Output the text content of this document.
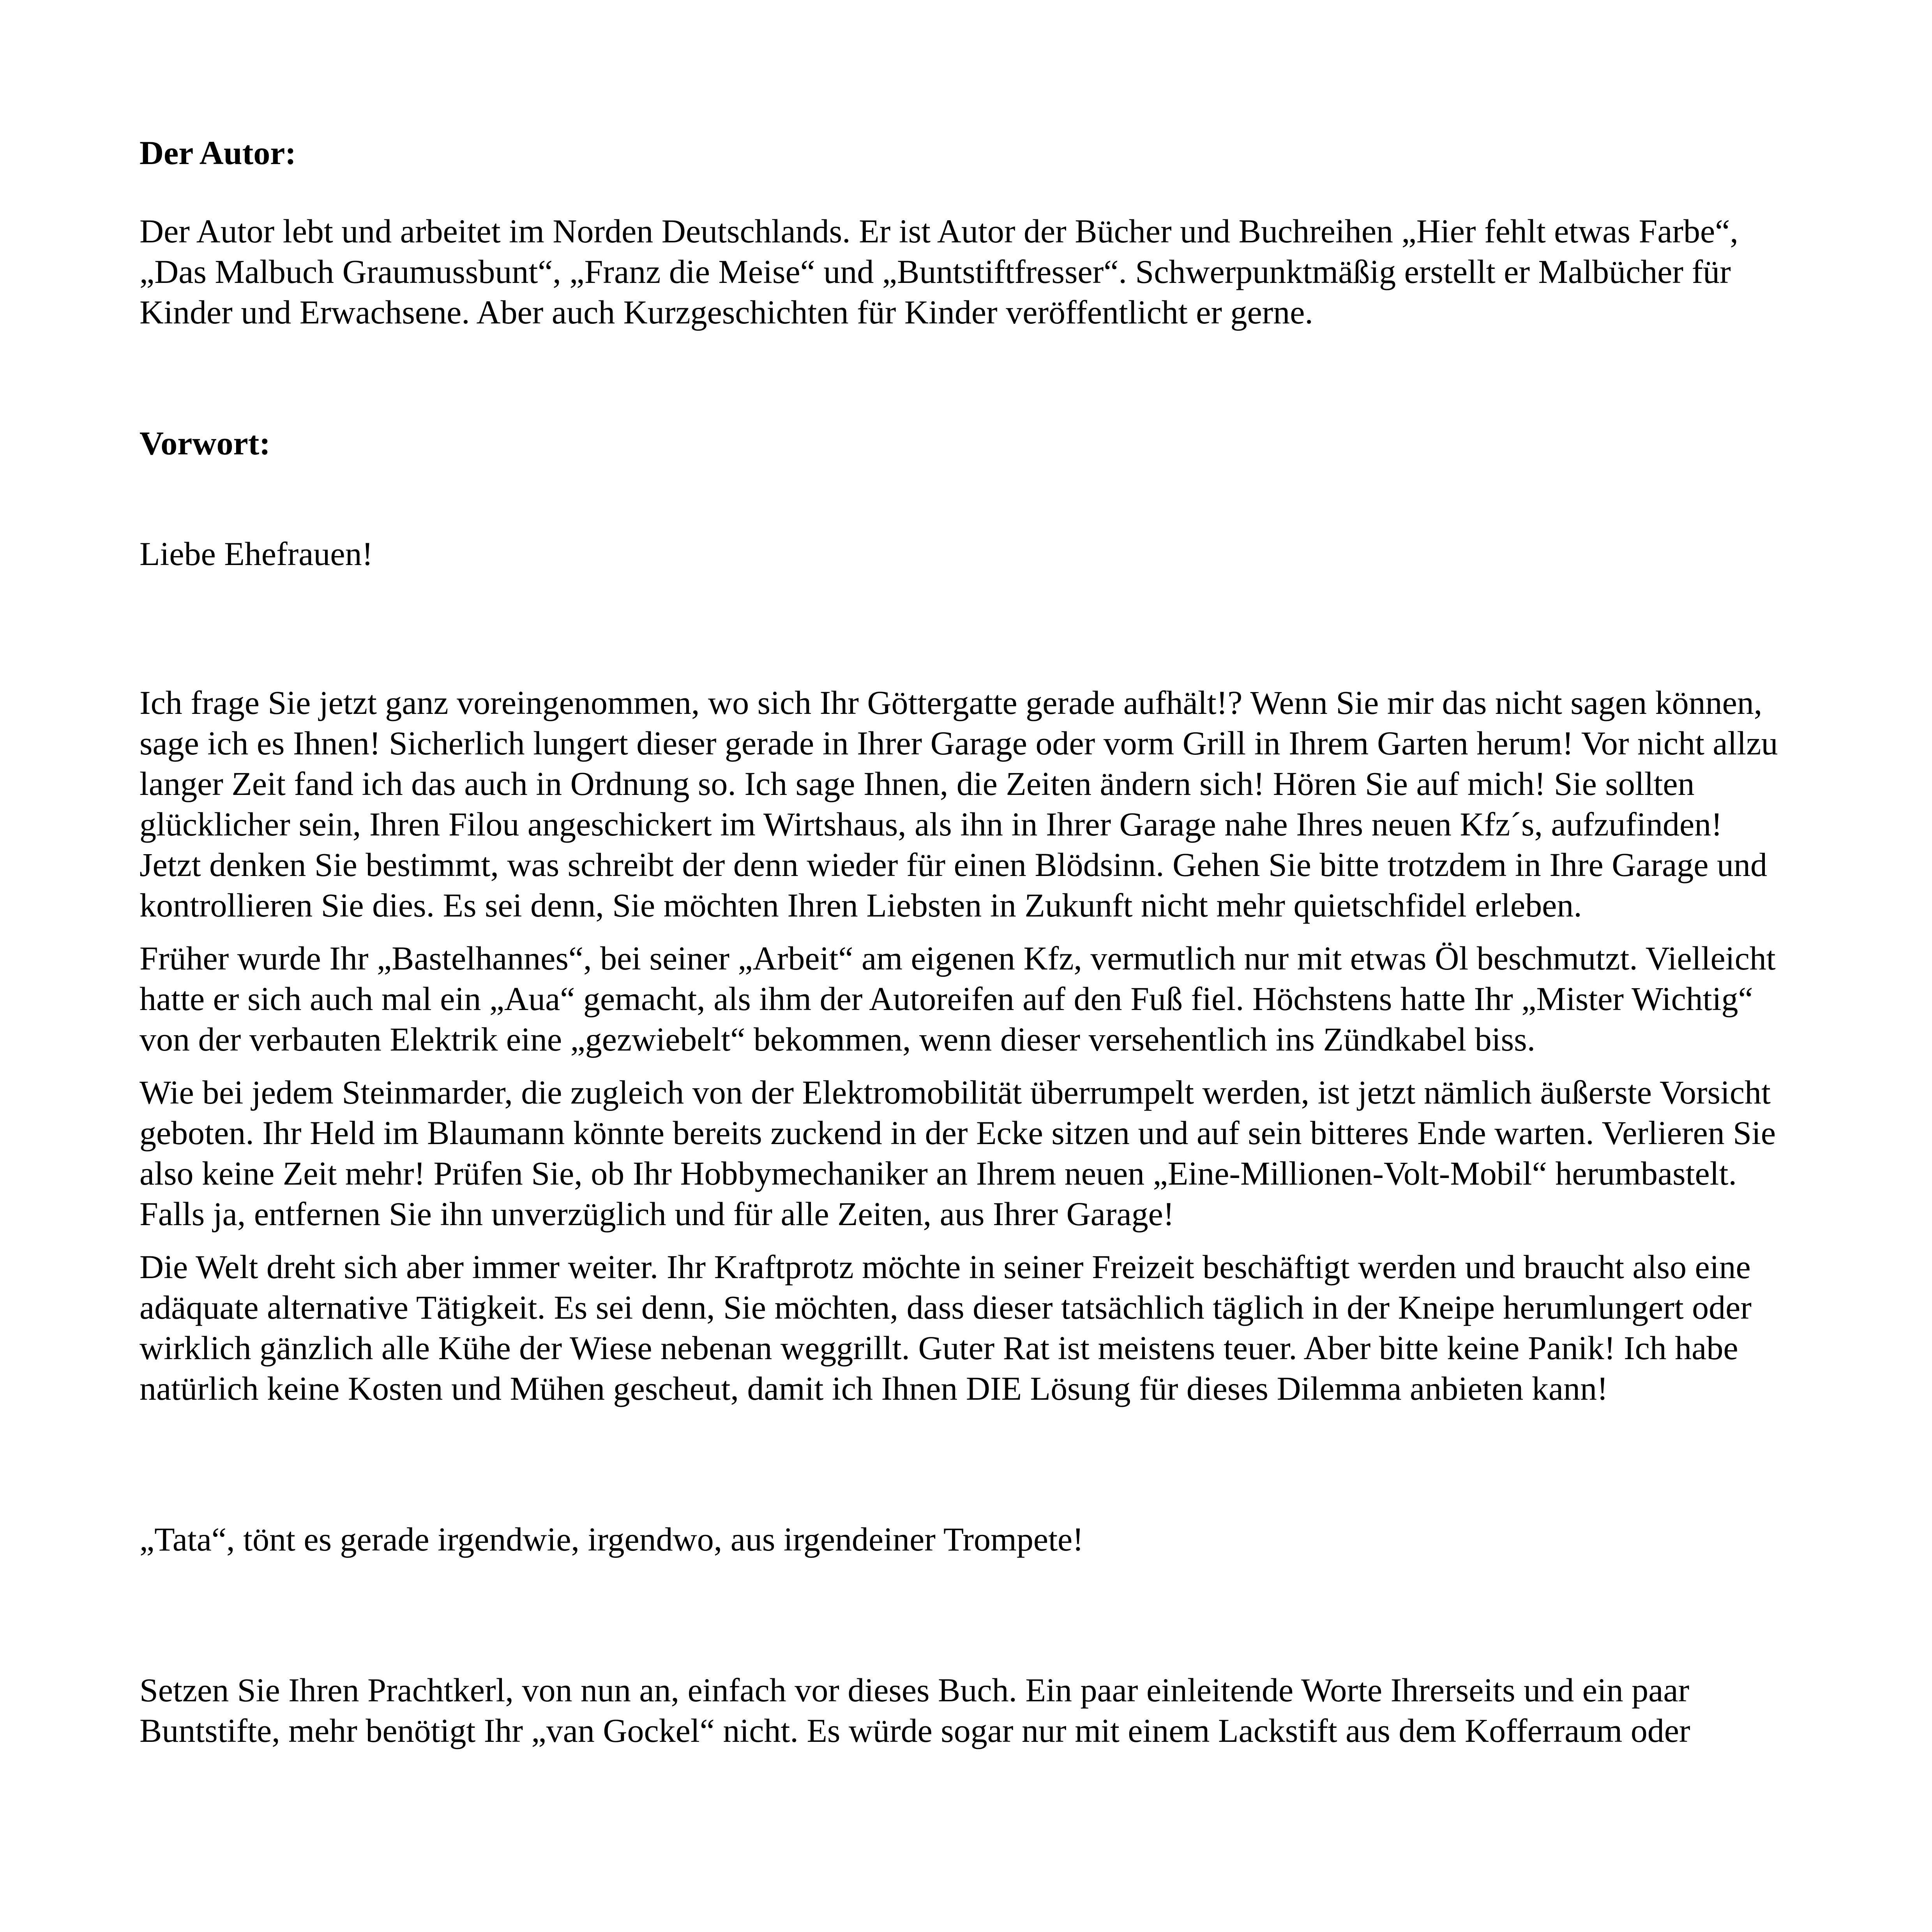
Der Autor:
Der Autor lebt und arbeitet im Norden Deutschlands. Er ist Autor der Bücher und Buchreihen „Hier fehlt etwas Farbe“,
„Das Malbuch Graumussbunt“, „Franz die Meise“ und „Buntstiftfresser“. Schwerpunktmäßig erstellt er Malbücher für
Kinder und Erwachsene. Aber auch Kurzgeschichten für Kinder veröffentlicht er gerne.
Vorwort:
Liebe Ehefrauen!
Ich frage Sie jetzt ganz voreingenommen, wo sich Ihr Göttergatte gerade aufhält!? Wenn Sie mir das nicht sagen können,
sage ich es Ihnen! Sicherlich lungert dieser gerade in Ihrer Garage oder vorm Grill in Ihrem Garten herum! Vor nicht allzu
langer Zeit fand ich das auch in Ordnung so. Ich sage Ihnen, die Zeiten ändern sich! Hören Sie auf mich! Sie sollten
glücklicher sein, Ihren Filou angeschickert im Wirtshaus, als ihn in Ihrer Garage nahe Ihres neuen Kfz´s, aufzufinden!
Jetzt denken Sie bestimmt, was schreibt der denn wieder für einen Blödsinn. Gehen Sie bitte trotzdem in Ihre Garage und
kontrollieren Sie dies. Es sei denn, Sie möchten Ihren Liebsten in Zukunft nicht mehr quietschfidel erleben.
Früher wurde Ihr „Bastelhannes“, bei seiner „Arbeit“ am eigenen Kfz, vermutlich nur mit etwas Öl beschmutzt. Vielleicht
hatte er sich auch mal ein „Aua“ gemacht, als ihm der Autoreifen auf den Fuß fiel. Höchstens hatte Ihr „Mister Wichtig“
von der verbauten Elektrik eine „gezwiebelt“ bekommen, wenn dieser versehentlich ins Zündkabel biss.
Wie bei jedem Steinmarder, die zugleich von der Elektromobilität überrumpelt werden, ist jetzt nämlich äußerste Vorsicht
geboten. Ihr Held im Blaumann könnte bereits zuckend in der Ecke sitzen und auf sein bitteres Ende warten. Verlieren Sie
also keine Zeit mehr! Prüfen Sie, ob Ihr Hobbymechaniker an Ihrem neuen „Eine-Millionen-Volt-Mobil“ herumbastelt.
Falls ja, entfernen Sie ihn unverzüglich und für alle Zeiten, aus Ihrer Garage!
Die Welt dreht sich aber immer weiter. Ihr Kraftprotz möchte in seiner Freizeit beschäftigt werden und braucht also eine
adäquate alternative Tätigkeit. Es sei denn, Sie möchten, dass dieser tatsächlich täglich in der Kneipe herumlungert oder
wirklich gänzlich alle Kühe der Wiese nebenan weggrillt. Guter Rat ist meistens teuer. Aber bitte keine Panik! Ich habe
natürlich keine Kosten und Mühen gescheut, damit ich Ihnen DIE Lösung für dieses Dilemma anbieten kann!
„Tata“, tönt es gerade irgendwie, irgendwo, aus irgendeiner Trompete!
Setzen Sie Ihren Prachtkerl, von nun an, einfach vor dieses Buch. Ein paar einleitende Worte Ihrerseits und ein paar
Buntstifte, mehr benötigt Ihr „van Gockel“ nicht. Es würde sogar nur mit einem Lackstift aus dem Kofferraum oder
